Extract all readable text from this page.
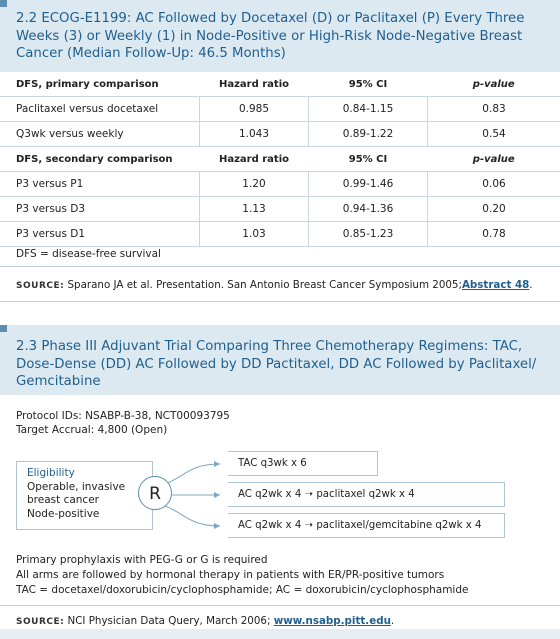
2.2 ECOG-E1199: AC Followed by Docetaxel (D) or Paclitaxel (P) Every Three Weeks (3) or Weekly (1) in Node-Positive or High-Risk Node-Negative Breast Cancer (Median Follow-Up: 46.5 Months)
DFS, primary comparison	Hazard ratio	95% CI	p-value
Paclitaxel versus docetaxel	0.985	0.84-1.15	0.83
Q3wk versus weekly	1.043	0.89-1.22	0.54
DFS, secondary comparison	Hazard ratio	95% CI	p-value
P3 versus P1	1.20	0.99-1.46	0.06
P3 versus D3	1.13	0.94-1.36	0.20
P3 versus D1	1.03	0.85-1.23	0.78
DFS = disease-free survival
SOURCE: Sparano JA et al. Presentation. San Antonio Breast Cancer Symposium 2005;Abstract 48.
2.3 Phase III Adjuvant Trial Comparing Three Chemotherapy Regimens: TAC, Dose-Dense (DD) AC Followed by DD Pactitaxel, DD AC Followed by Paclitaxel/ Gemcitabine
Protocol IDs: NSABP-B-38, NCT00093795
Target Accrual: 4,800 (Open)
Eligibility
Operable, invasive
breast cancer
Node-positive
R
TAC q3wk x 6
AC q2wk x 4 ➝ paclitaxel q2wk x 4
AC q2wk x 4 ➝ paclitaxel/gemcitabine q2wk x 4
Primary prophylaxis with PEG-G or G is required
All arms are followed by hormonal therapy in patients with ER/PR-positive tumors
TAC = docetaxel/doxorubicin/cyclophosphamide; AC = doxorubicin/cyclophosphamide
SOURCE: NCI Physician Data Query, March 2006; www.nsabp.pitt.edu.
